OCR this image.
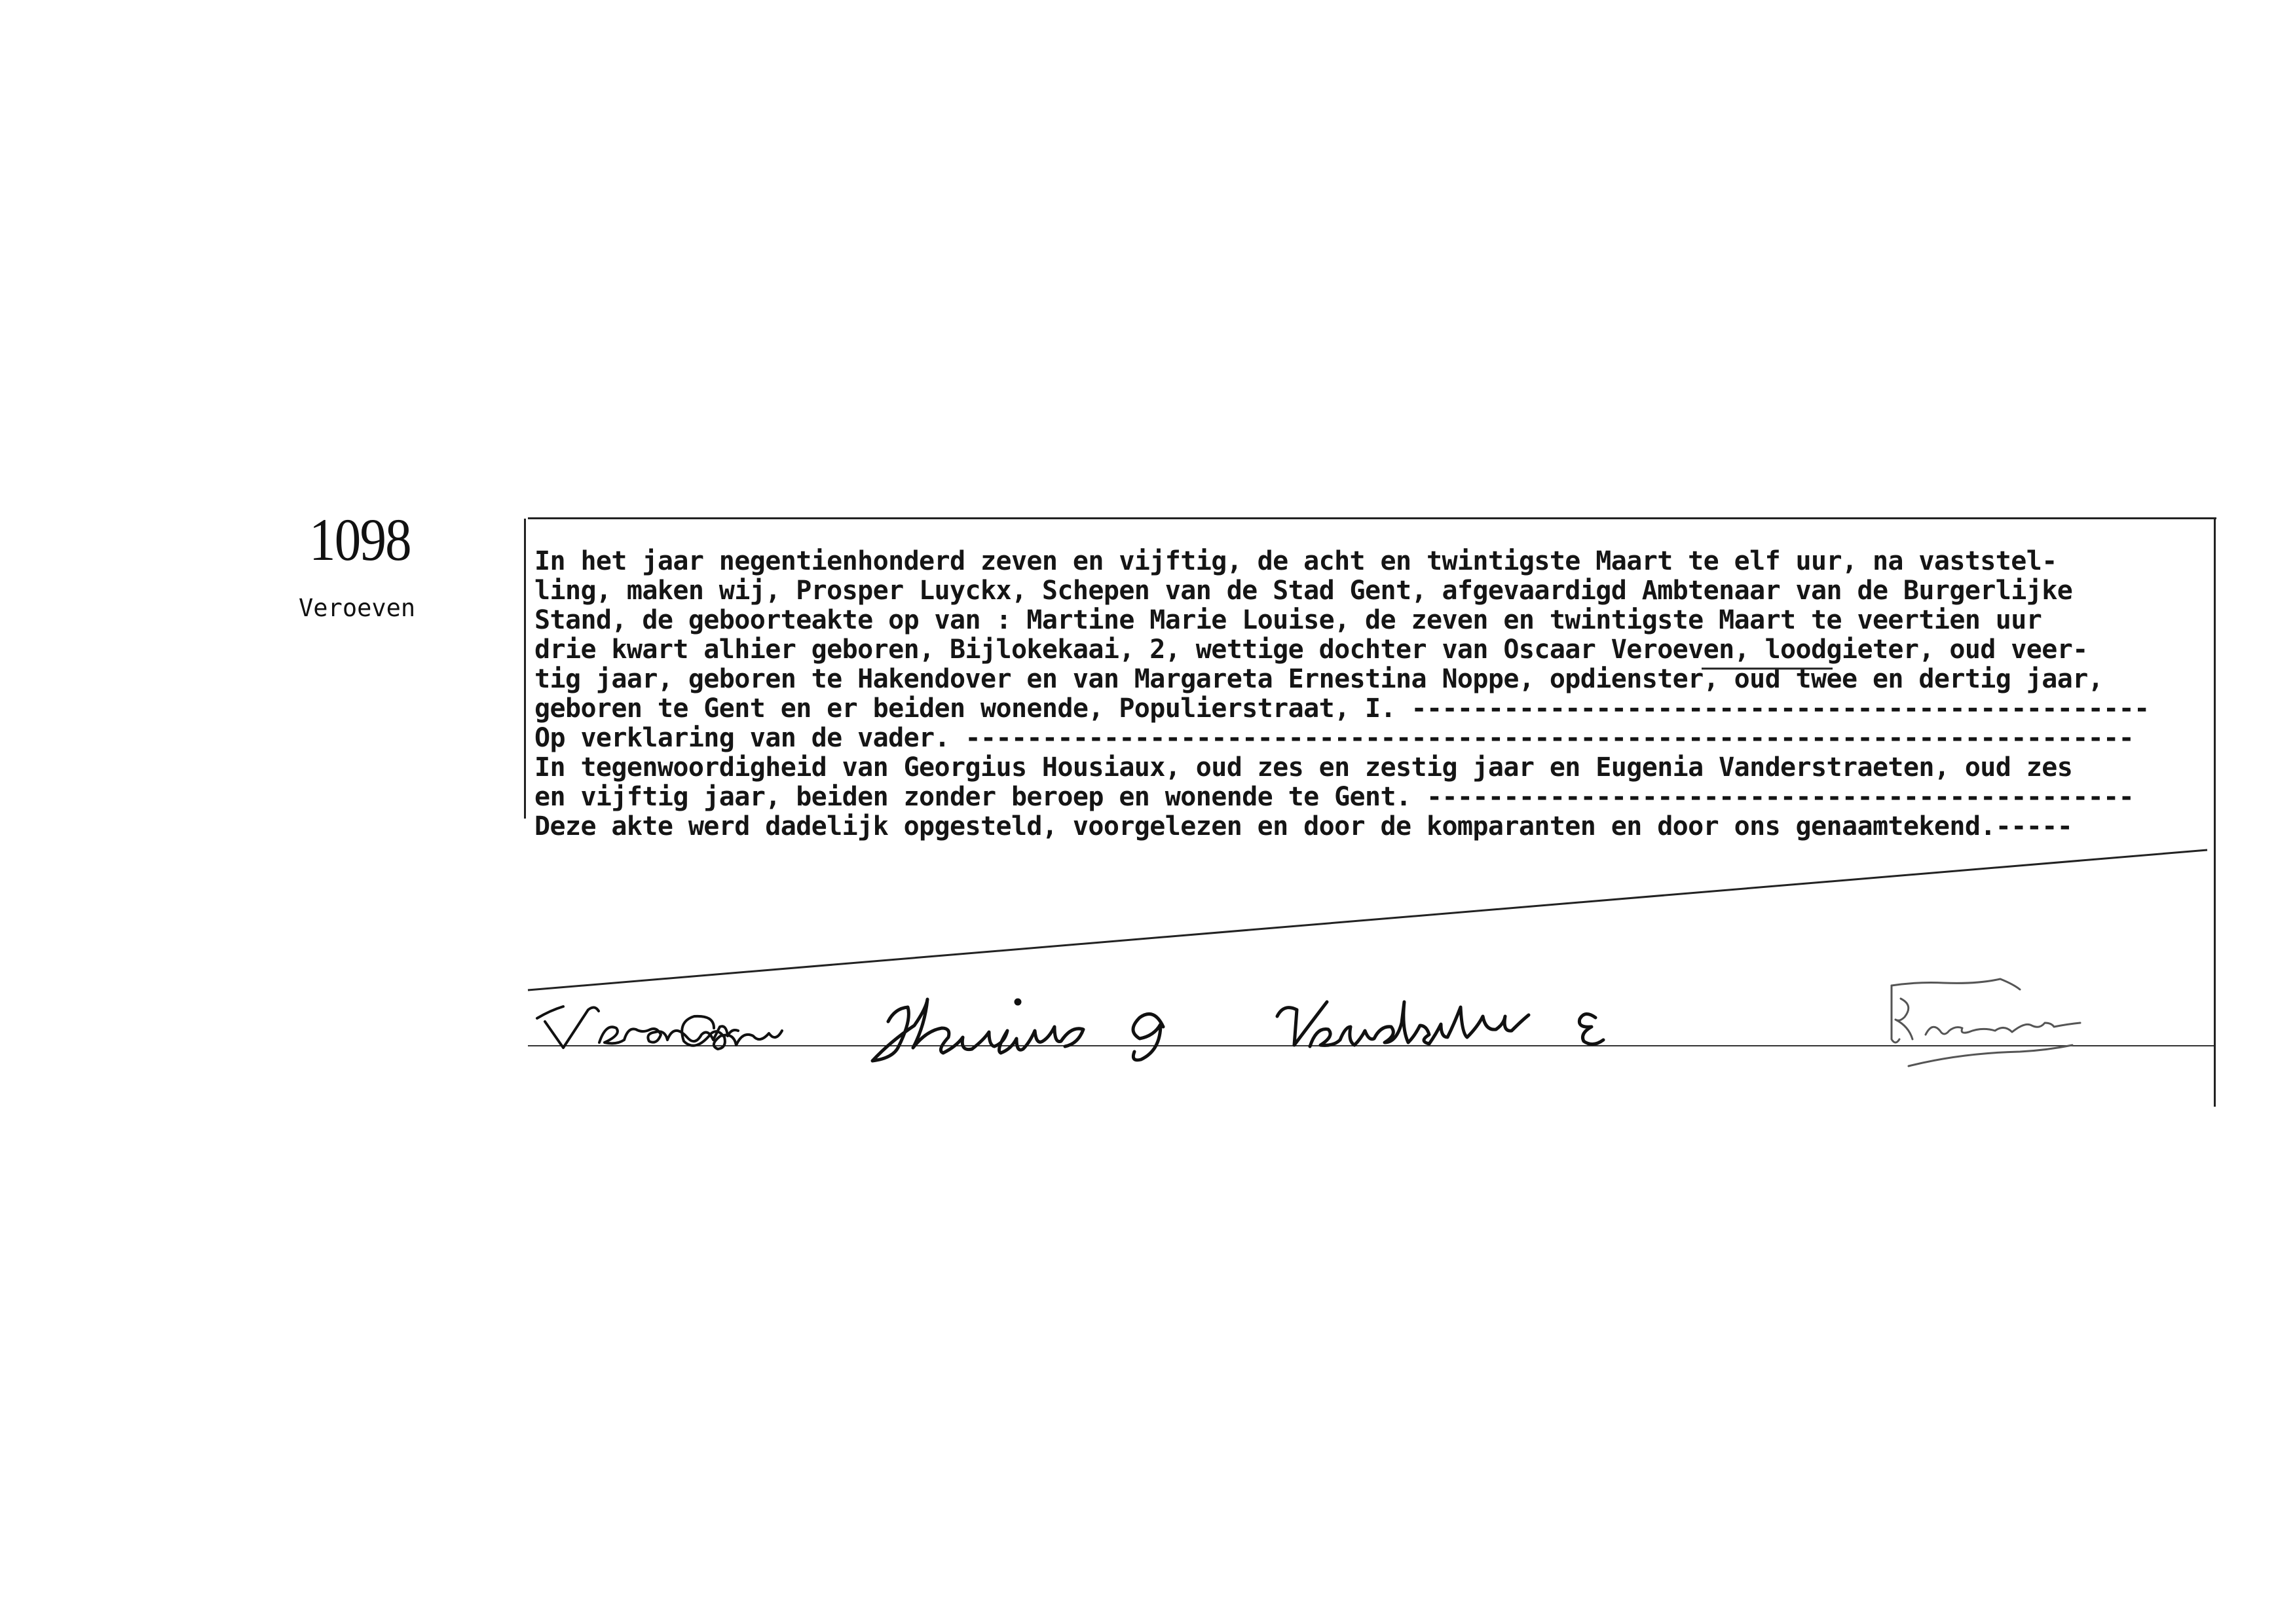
1098
Veroeven
In het jaar negentienhonderd zeven en vijftig, de acht en twintigste Maart te elf uur, na vaststel-
ling, maken wij, Prosper Luyckx, Schepen van de Stad Gent, afgevaardigd Ambtenaar van de Burgerlijke
Stand, de geboorteakte op van : Martine Marie Louise, de zeven en twintigste Maart te veertien uur
drie kwart alhier geboren, Bijlokekaai, 2, wettige dochter van Oscaar Veroeven, loodgieter, oud veer-
tig jaar, geboren te Hakendover en van Margareta Ernestina Noppe, opdienster, oud twee en dertig jaar,
geboren te Gent en er beiden wonende, Populierstraat, I. ------------------------------------------------
Op verklaring van de vader. ----------------------------------------------------------------------------
In tegenwoordigheid van Georgius Housiaux, oud zes en zestig jaar en Eugenia Vanderstraeten, oud zes
en vijftig jaar, beiden zonder beroep en wonende te Gent. ----------------------------------------------
Deze akte werd dadelijk opgesteld, voorgelezen en door de komparanten en door ons genaamtekend.-----
